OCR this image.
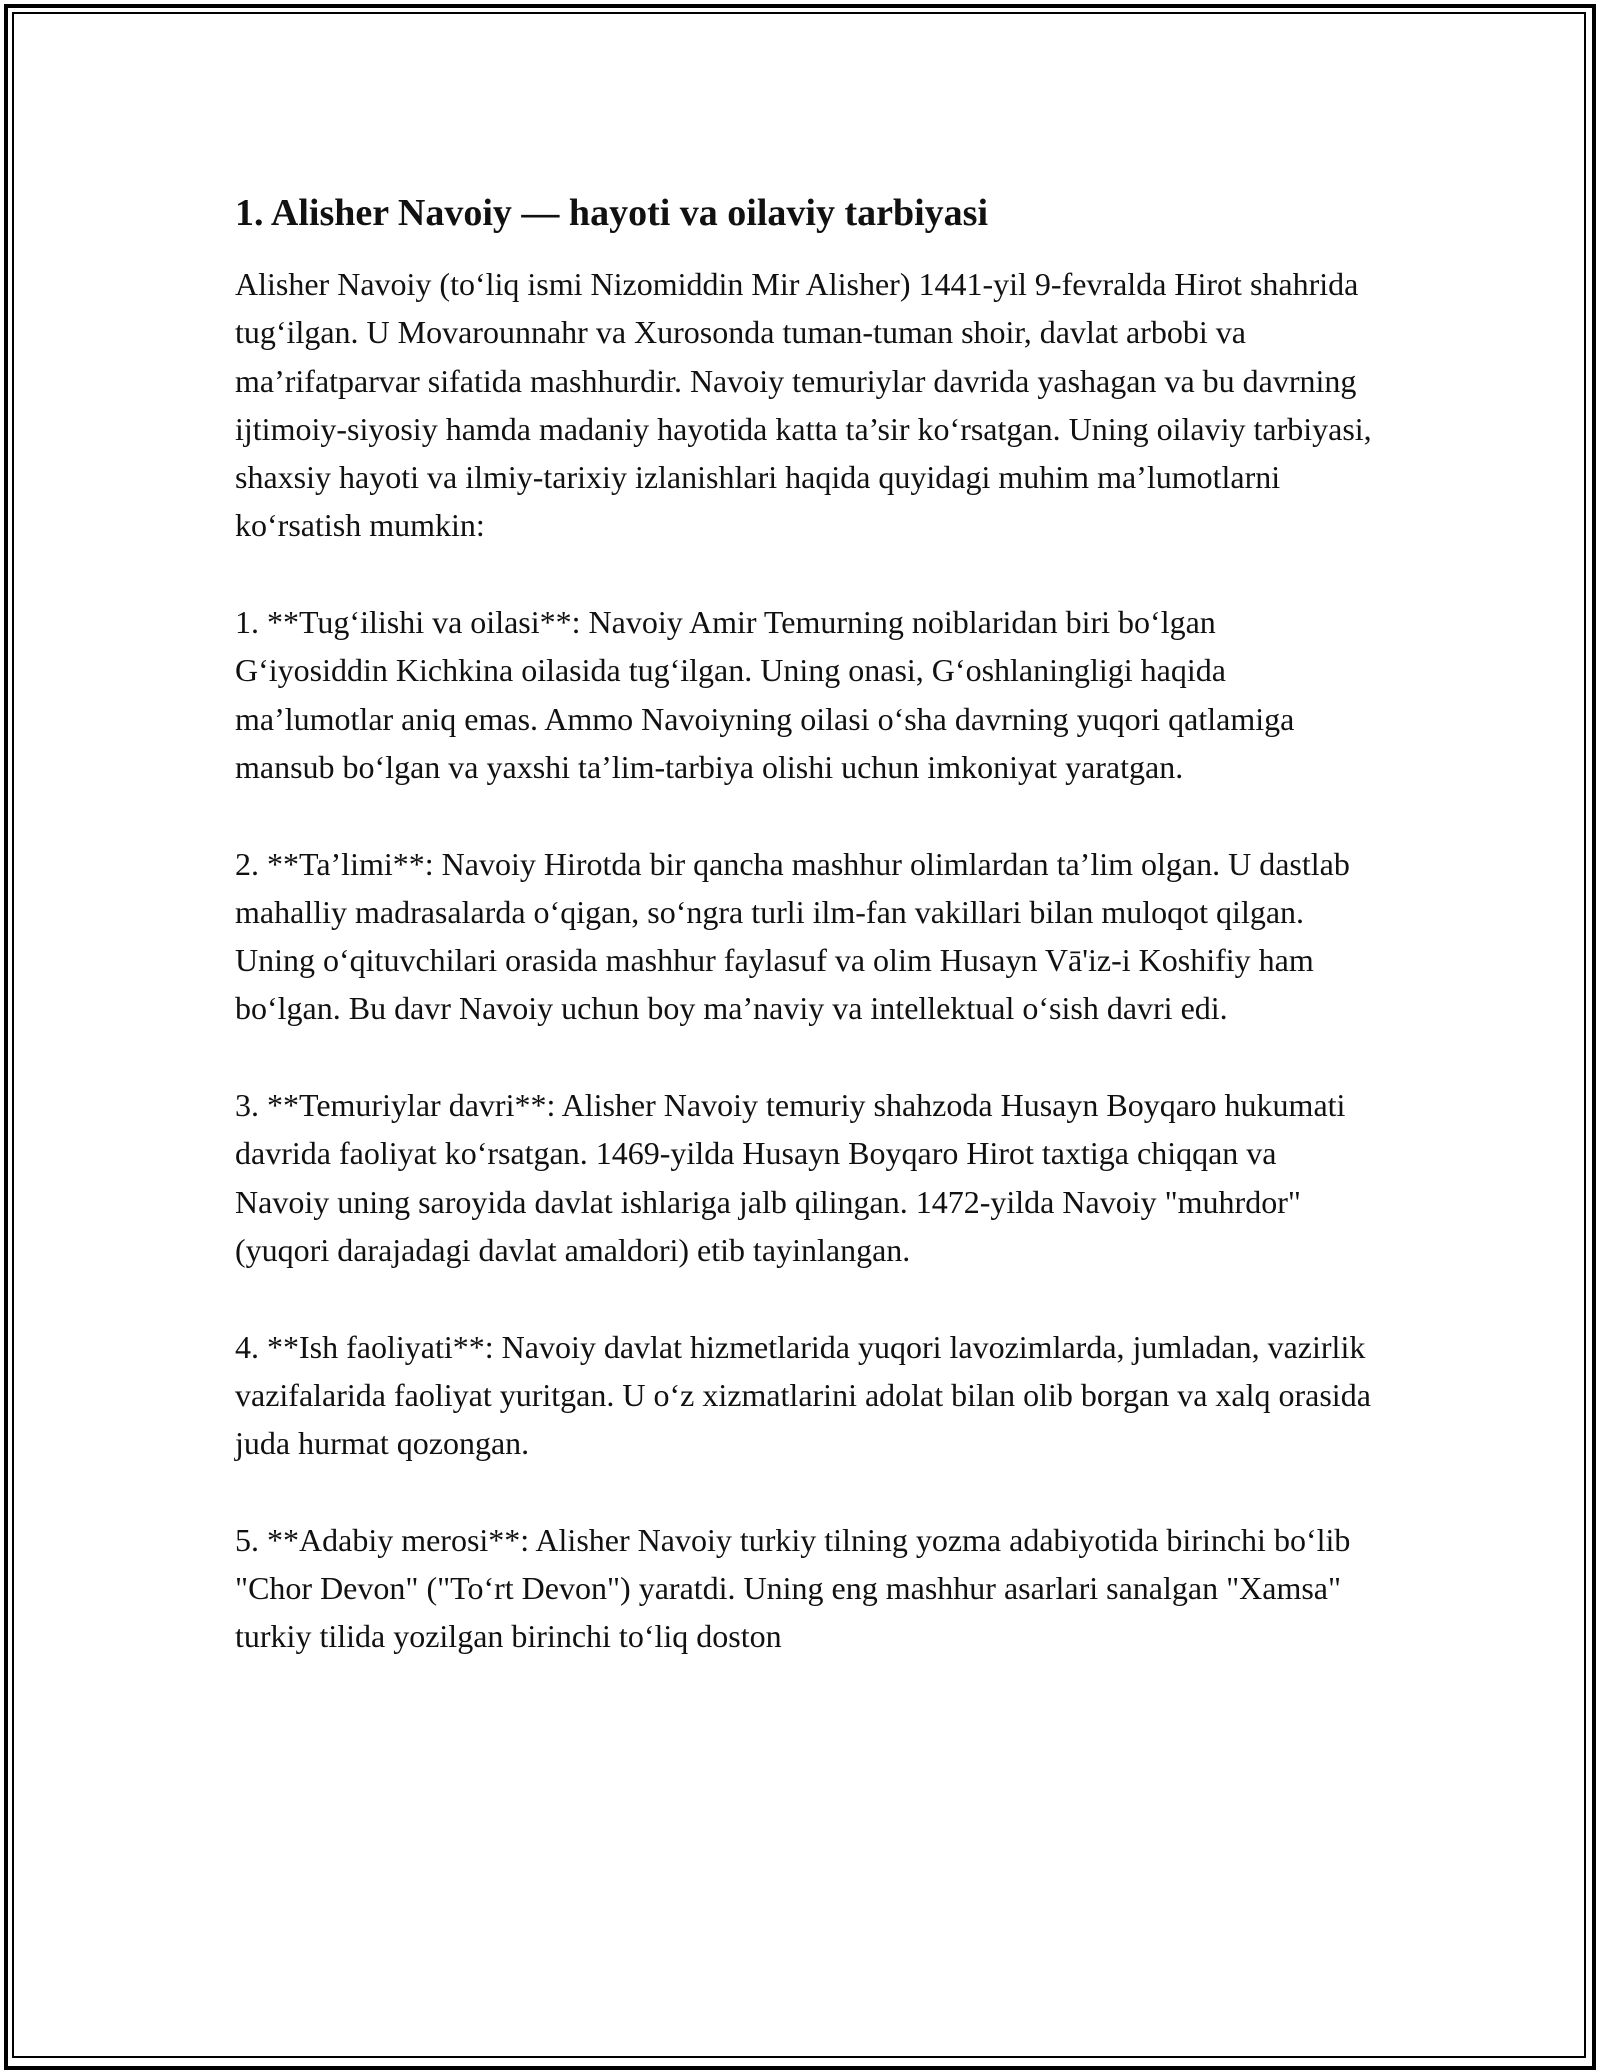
1. Alisher Navoiy — hayoti va oilaviy tarbiyasi

Alisher Navoiy (to‘liq ismi Nizomiddin Mir Alisher) 1441-yil 9-fevralda Hirot shahrida tug‘ilgan. U Movarounnahr va Xurosonda tuman-tuman shoir, davlat arbobi va ma’rifatparvar sifatida mashhurdir. Navoiy temuriylar davrida yashagan va bu davrning ijtimoiy-siyosiy hamda madaniy hayotida katta ta’sir ko‘rsatgan. Uning oilaviy tarbiyasi, shaxsiy hayoti va ilmiy-tarixiy izlanishlari haqida quyidagi muhim ma’lumotlarni ko‘rsatish mumkin:

1. **Tug‘ilishi va oilasi**: Navoiy Amir Temurning noiblaridan biri bo‘lgan G‘iyosiddin Kichkina oilasida tug‘ilgan. Uning onasi, G‘oshlaningligi haqida ma’lumotlar aniq emas. Ammo Navoiyning oilasi o‘sha davrning yuqori qatlamiga mansub bo‘lgan va yaxshi ta’lim-tarbiya olishi uchun imkoniyat yaratgan.

2. **Ta’limi**: Navoiy Hirotda bir qancha mashhur olimlardan ta’lim olgan. U dastlab mahalliy madrasalarda o‘qigan, so‘ngra turli ilm-fan vakillari bilan muloqot qilgan. Uning o‘qituvchilari orasida mashhur faylasuf va olim Husayn Vā'iz-i Koshifiy ham bo‘lgan. Bu davr Navoiy uchun boy ma’naviy va intellektual o‘sish davri edi.

3. **Temuriylar davri**: Alisher Navoiy temuriy shahzoda Husayn Boyqaro hukumati davrida faoliyat ko‘rsatgan. 1469-yilda Husayn Boyqaro Hirot taxtiga chiqqan va Navoiy uning saroyida davlat ishlariga jalb qilingan. 1472-yilda Navoiy "muhrdor" (yuqori darajadagi davlat amaldori) etib tayinlangan.

4. **Ish faoliyati**: Navoiy davlat hizmetlarida yuqori lavozimlarda, jumladan, vazirlik vazifalarida faoliyat yuritgan. U o‘z xizmatlarini adolat bilan olib borgan va xalq orasida juda hurmat qozongan.

5. **Adabiy merosi**: Alisher Navoiy turkiy tilning yozma adabiyotida birinchi bo‘lib "Chor Devon" ("To‘rt Devon") yaratdi. Uning eng mashhur asarlari sanalgan "Xamsa" turkiy tilida yozilgan birinchi to‘liq doston
